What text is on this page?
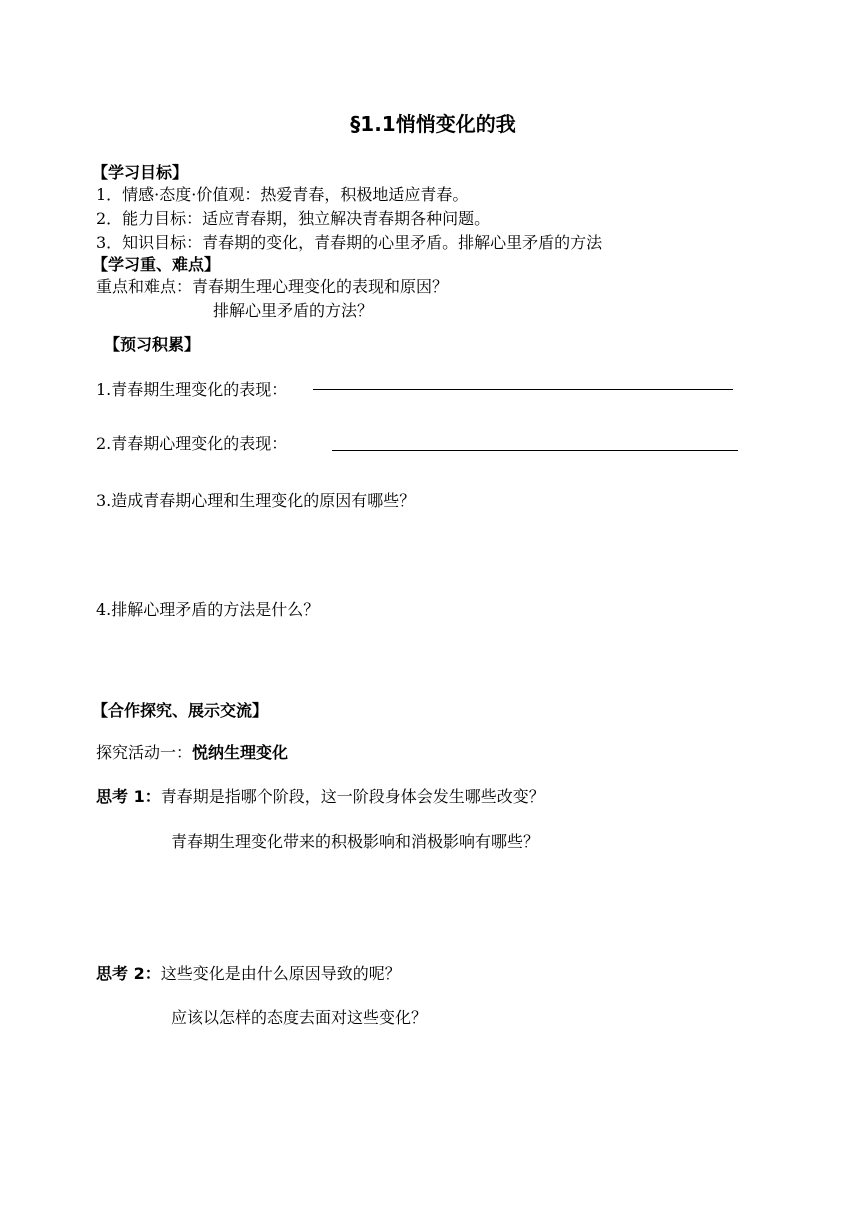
§1.1悄悄变化的我
【学习目标】
1．情感·态度·价值观：热爱青春，积极地适应青春。
2．能力目标：适应青春期，独立解决青春期各种问题。
3．知识目标：青春期的变化，青春期的心里矛盾。排解心里矛盾的方法
【学习重、难点】
重点和难点：青春期生理心理变化的表现和原因？
排解心里矛盾的方法？
【预习积累】
1.青春期生理变化的表现：
2.青春期心理变化的表现：
3.造成青春期心理和生理变化的原因有哪些？
4.排解心理矛盾的方法是什么？
【合作探究、展示交流】
探究活动一：悦纳生理变化
思考 1：青春期是指哪个阶段，这一阶段身体会发生哪些改变？
青春期生理变化带来的积极影响和消极影响有哪些？
思考 2：这些变化是由什么原因导致的呢？
应该以怎样的态度去面对这些变化？
